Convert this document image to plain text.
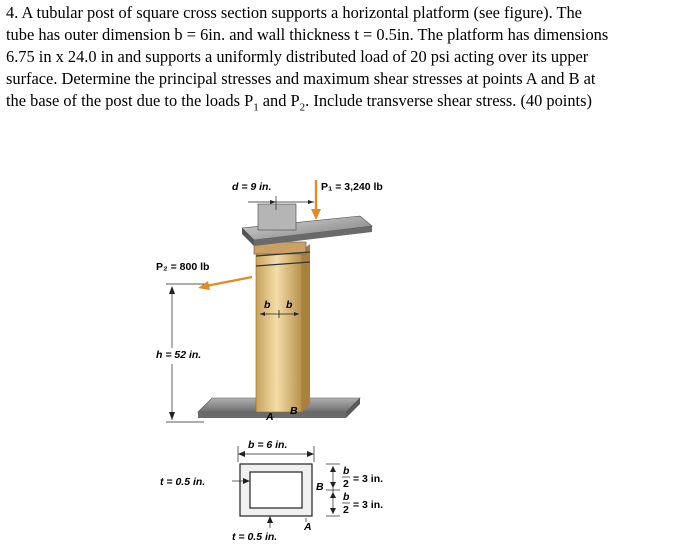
4. A tubular post of square cross section supports a horizontal platform (see figure). The
tube has outer dimension b = 6in. and wall thickness t = 0.5in. The platform has dimensions
6.75 in x 24.0 in and supports a uniformly distributed load of 20 psi acting over its upper
surface. Determine the principal stresses and maximum shear stresses at points A and B at
the base of the post due to the loads $P_1$ and $P_2$. Include transverse shear stress. (40 points)
b b
A B
d = 9 in.	P₁ = 3,240 lb
P₂ = 800 lb
h = 52 in.
b = 6 in.
t = 0.5 in.
t = 0.5 in.
B
A
b
2 = 3 in.
b
2 = 3 in.
